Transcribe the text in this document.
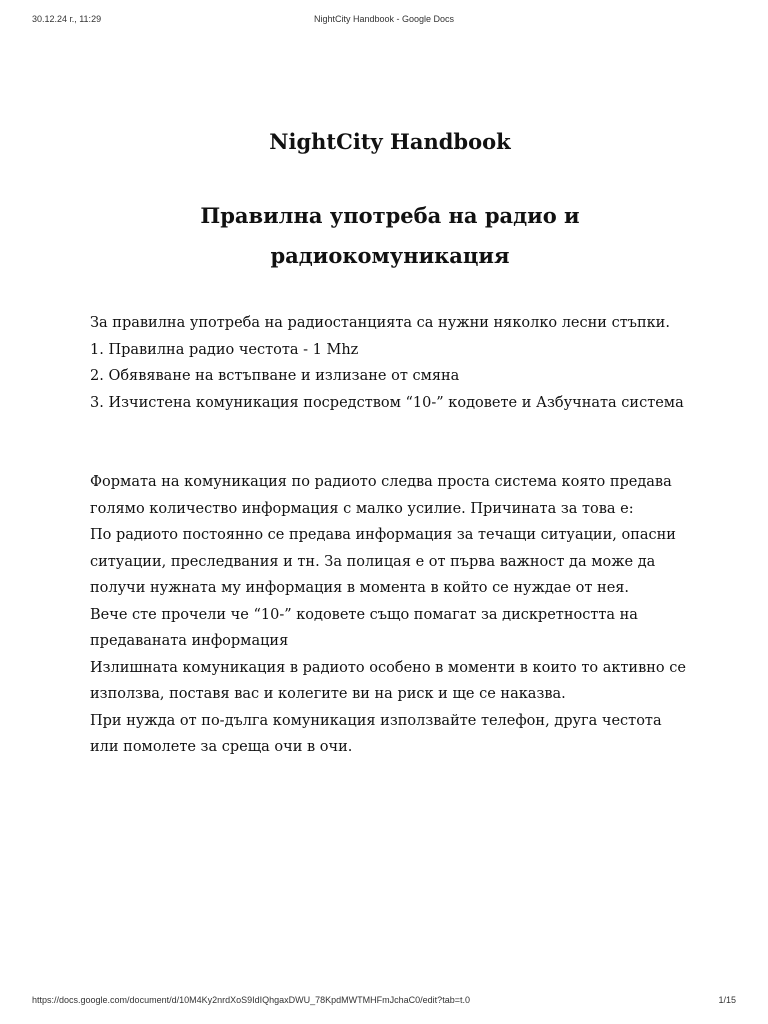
30.12.24 г., 11:29	NightCity Handbook - Google Docs
NightCity Handbook
Правилна употреба на радио и радиокомуникация

За правилна употреба на радиостанцията са нужни няколко лесни стъпки.

1. Правилна радио честота - 1 Mhz

2. Обявяване на встъпване и излизане от смяна

3. Изчистена комуникация посредством “10-” кодовете и Азбучната система

Формата на комуникация по радиото следва проста система която предава голямо количество информация с малко усилие. Причината за това е:

По радиото постоянно се предава информация за течащи ситуации, опасни ситуации, преследвания и тн. За полицая е от първа важност да може да получи нужната му информация в момента в който се нуждае от нея.

Вече сте прочели че “10-” кодовете също помагат за дискретността на предаваната информация

Излишната комуникация в радиото особено в моменти в които то активно се използва, поставя вас и колегите ви на риск и ще се наказва.

При нужда от по-дълга комуникация използвайте телефон, друга честота или помолете за среща очи в очи.

https://docs.google.com/document/d/10M4Ky2nrdXoS9IdIQhgaxDWU_78KpdMWTMHFmJchaC0/edit?tab=t.0	1/15
